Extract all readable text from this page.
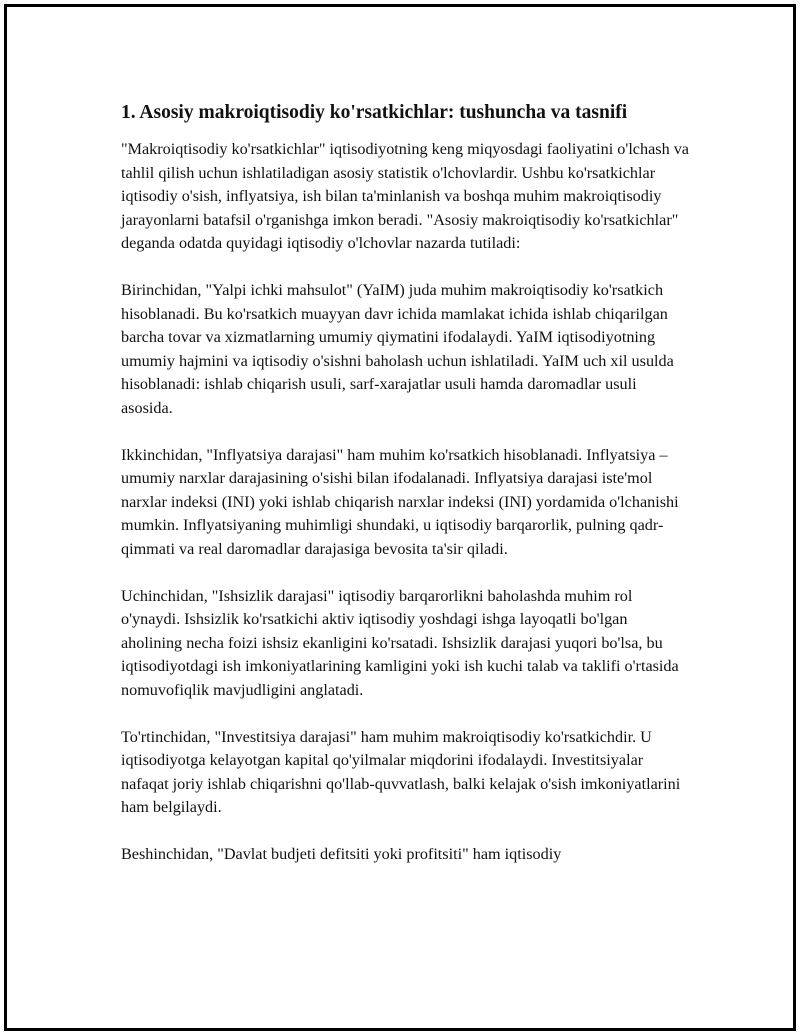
1. Asosiy makroiqtisodiy ko'rsatkichlar: tushuncha va tasnifi

"Makroiqtisodiy ko'rsatkichlar" iqtisodiyotning keng miqyosdagi faoliyatini o'lchash va tahlil qilish uchun ishlatiladigan asosiy statistik o'lchovlardir. Ushbu ko'rsatkichlar iqtisodiy o'sish, inflyatsiya, ish bilan ta'minlanish va boshqa muhim makroiqtisodiy jarayonlarni batafsil o'rganishga imkon beradi. "Asosiy makroiqtisodiy ko'rsatkichlar" deganda odatda quyidagi iqtisodiy o'lchovlar nazarda tutiladi:

Birinchidan, "Yalpi ichki mahsulot" (YaIM) juda muhim makroiqtisodiy ko'rsatkich hisoblanadi. Bu ko'rsatkich muayyan davr ichida mamlakat ichida ishlab chiqarilgan barcha tovar va xizmatlarning umumiy qiymatini ifodalaydi. YaIM iqtisodiyotning umumiy hajmini va iqtisodiy o'sishni baholash uchun ishlatiladi. YaIM uch xil usulda hisoblanadi: ishlab chiqarish usuli, sarf-xarajatlar usuli hamda daromadlar usuli asosida.

Ikkinchidan, "Inflyatsiya darajasi" ham muhim ko'rsatkich hisoblanadi. Inflyatsiya – umumiy narxlar darajasining o'sishi bilan ifodalanadi. Inflyatsiya darajasi iste'mol narxlar indeksi (INI) yoki ishlab chiqarish narxlar indeksi (INI) yordamida o'lchanishi mumkin. Inflyatsiyaning muhimligi shundaki, u iqtisodiy barqarorlik, pulning qadr-qimmati va real daromadlar darajasiga bevosita ta'sir qiladi.

Uchinchidan, "Ishsizlik darajasi" iqtisodiy barqarorlikni baholashda muhim rol o'ynaydi. Ishsizlik ko'rsatkichi aktiv iqtisodiy yoshdagi ishga layoqatli bo'lgan aholining necha foizi ishsiz ekanligini ko'rsatadi. Ishsizlik darajasi yuqori bo'lsa, bu iqtisodiyotdagi ish imkoniyatlarining kamligini yoki ish kuchi talab va taklifi o'rtasida nomuvofiqlik mavjudligini anglatadi.

To'rtinchidan, "Investitsiya darajasi" ham muhim makroiqtisodiy ko'rsatkichdir. U iqtisodiyotga kelayotgan kapital qo'yilmalar miqdorini ifodalaydi. Investitsiyalar nafaqat joriy ishlab chiqarishni qo'llab-quvvatlash, balki kelajak o'sish imkoniyatlarini ham belgilaydi.

Beshinchidan, "Davlat budjeti defitsiti yoki profitsiti" ham iqtisodiy
